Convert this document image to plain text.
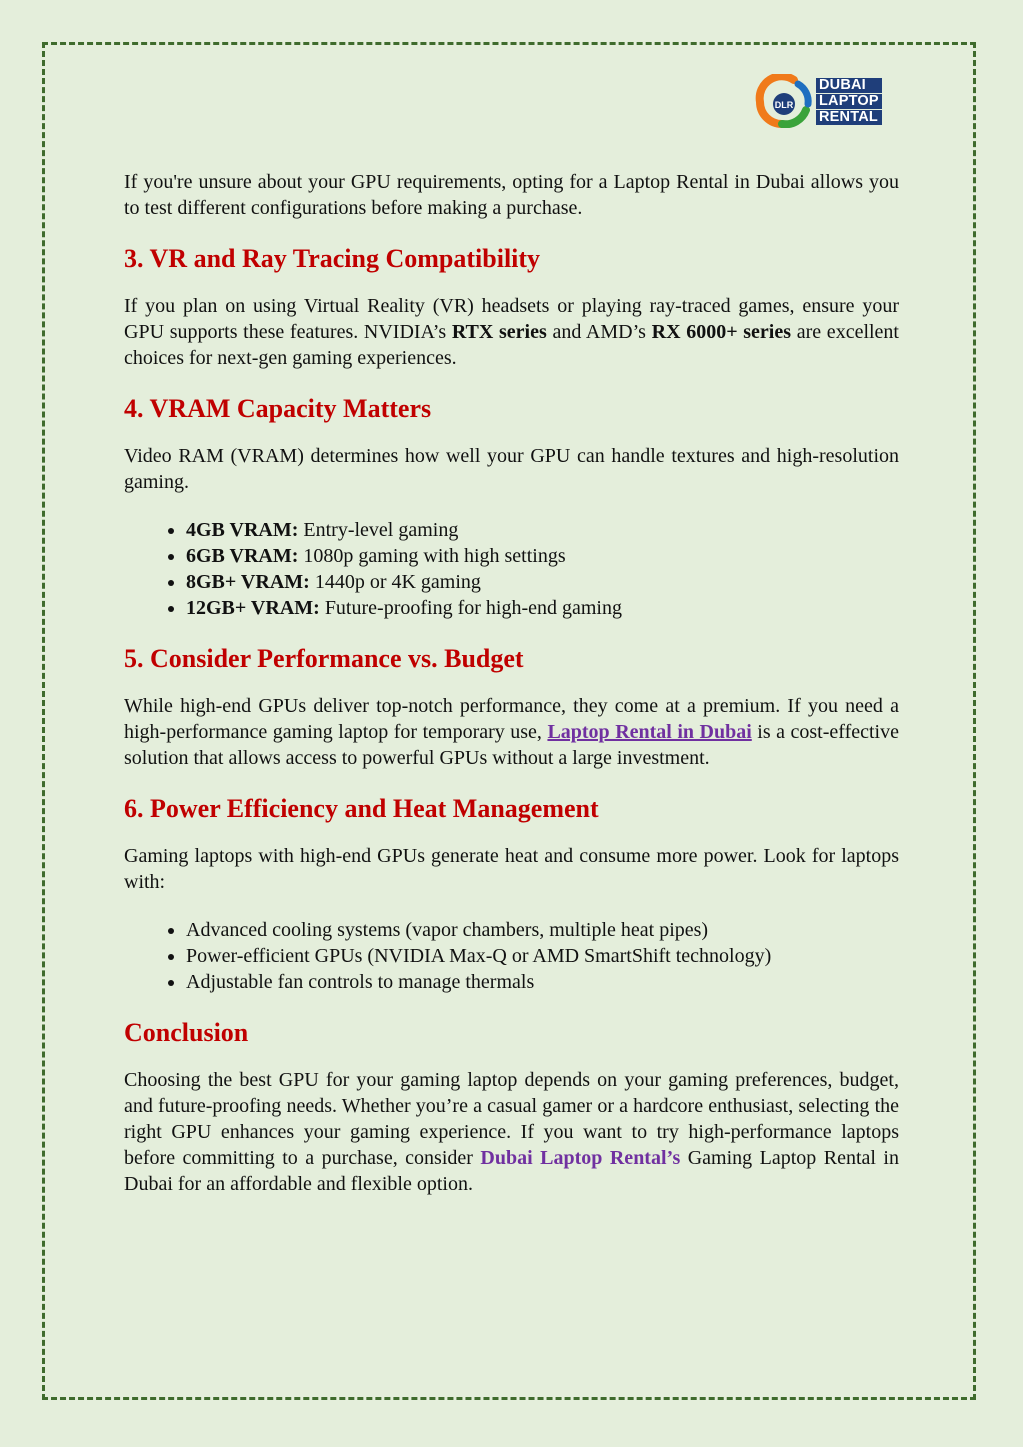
DLR
DUBAI
LAPTOP
RENTAL

If you're unsure about your GPU requirements, opting for a Laptop Rental in Dubai allows you to test different configurations before making a purchase.

3. VR and Ray Tracing Compatibility

If you plan on using Virtual Reality (VR) headsets or playing ray-traced games, ensure your GPU supports these features. NVIDIA’s RTX series and AMD’s RX 6000+ series are excellent choices for next-gen gaming experiences.

4. VRAM Capacity Matters

Video RAM (VRAM) determines how well your GPU can handle textures and high-resolution gaming.

• 4GB VRAM: Entry-level gaming
• 6GB VRAM: 1080p gaming with high settings
• 8GB+ VRAM: 1440p or 4K gaming
• 12GB+ VRAM: Future-proofing for high-end gaming
5. Consider Performance vs. Budget

While high-end GPUs deliver top-notch performance, they come at a premium. If you need a high-performance gaming laptop for temporary use, Laptop Rental in Dubai is a cost-effective solution that allows access to powerful GPUs without a large investment.

6. Power Efficiency and Heat Management

Gaming laptops with high-end GPUs generate heat and consume more power. Look for laptops with:

• Advanced cooling systems (vapor chambers, multiple heat pipes)
• Power-efficient GPUs (NVIDIA Max-Q or AMD SmartShift technology)
• Adjustable fan controls to manage thermals
Conclusion

Choosing the best GPU for your gaming laptop depends on your gaming preferences, budget, and future-proofing needs. Whether you’re a casual gamer or a hardcore enthusiast, selecting the right GPU enhances your gaming experience. If you want to try high-performance laptops before committing to a purchase, consider Dubai Laptop Rental’s Gaming Laptop Rental in Dubai for an affordable and flexible option.
